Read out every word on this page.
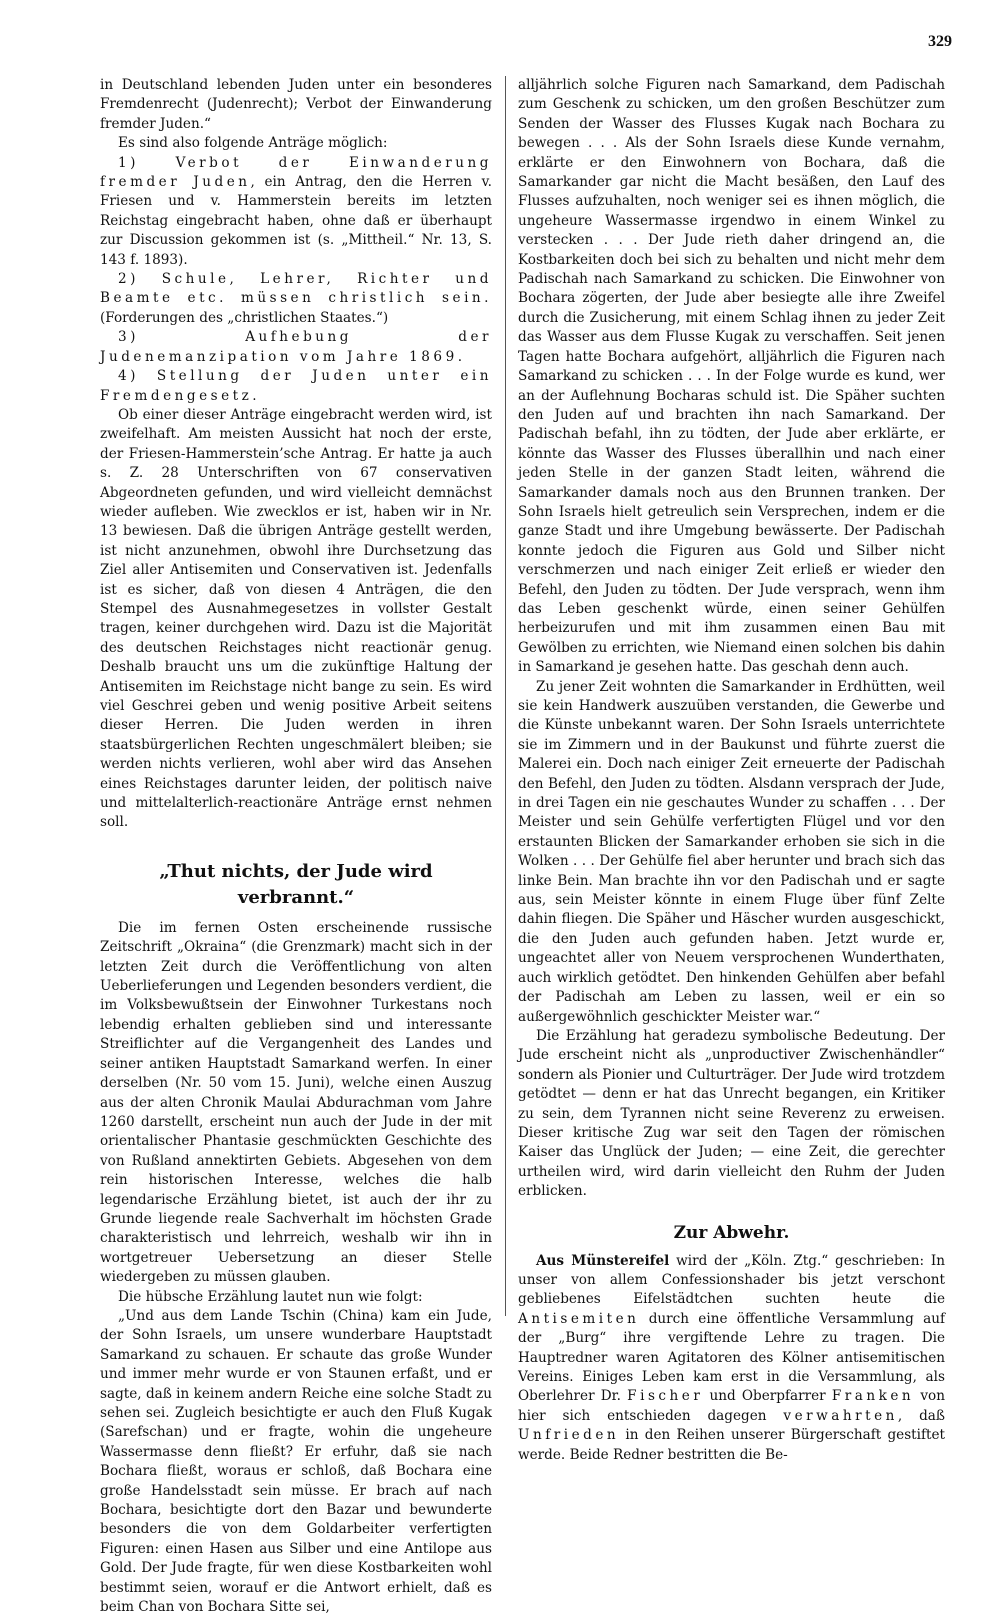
329

in Deutschland lebenden Juden unter ein besonderes Fremdenrecht (Judenrecht); Verbot der Einwanderung fremder Juden.“

Es sind also folgende Anträge möglich:

1) Verbot der Einwanderung fremder Juden, ein Antrag, den die Herren v. Friesen und v. Hammerstein bereits im letzten Reichstag eingebracht haben, ohne daß er überhaupt zur Discussion gekommen ist (s. „Mittheil.“ Nr. 13, S. 143 f. 1893).

2) Schule, Lehrer, Richter und Beamte etc. müssen christlich sein. (Forderungen des „christlichen Staates.“)

3) Aufhebung der Judenemanzipation vom Jahre 1869.

4) Stellung der Juden unter ein Fremdengesetz.

Ob einer dieser Anträge eingebracht werden wird, ist zweifelhaft. Am meisten Aussicht hat noch der erste, der Friesen-Hammerstein’sche Antrag. Er hatte ja auch s. Z. 28 Unterschriften von 67 conservativen Abgeordneten gefunden, und wird vielleicht demnächst wieder aufleben. Wie zwecklos er ist, haben wir in Nr. 13 bewiesen. Daß die übrigen Anträge gestellt werden, ist nicht anzunehmen, obwohl ihre Durchsetzung das Ziel aller Antisemiten und Conservativen ist. Jedenfalls ist es sicher, daß von diesen 4 Anträgen, die den Stempel des Ausnahmegesetzes in vollster Gestalt tragen, keiner durchgehen wird. Dazu ist die Majorität des deutschen Reichstages nicht reactionär genug. Deshalb braucht uns um die zukünftige Haltung der Antisemiten im Reichstage nicht bange zu sein. Es wird viel Geschrei geben und wenig positive Arbeit seitens dieser Herren. Die Juden werden in ihren staatsbürgerlichen Rechten ungeschmälert bleiben; sie werden nichts verlieren, wohl aber wird das Ansehen eines Reichstages darunter leiden, der politisch naive und mittelalterlich-reactionäre Anträge ernst nehmen soll.

„Thut nichts, der Jude wird verbrannt.“

Die im fernen Osten erscheinende russische Zeitschrift „Okraina“ (die Grenzmark) macht sich in der letzten Zeit durch die Veröffentlichung von alten Ueberlieferungen und Legenden besonders verdient, die im Volksbewußtsein der Einwohner Turkestans noch lebendig erhalten geblieben sind und interessante Streiflichter auf die Vergangenheit des Landes und seiner antiken Hauptstadt Samarkand werfen. In einer derselben (Nr. 50 vom 15. Juni), welche einen Auszug aus der alten Chronik Maulai Abdurachman vom Jahre 1260 darstellt, erscheint nun auch der Jude in der mit orientalischer Phantasie geschmückten Geschichte des von Rußland annektirten Gebiets. Abgesehen von dem rein historischen Interesse, welches die halb legendarische Erzählung bietet, ist auch der ihr zu Grunde liegende reale Sachverhalt im höchsten Grade charakteristisch und lehrreich, weshalb wir ihn in wortgetreuer Uebersetzung an dieser Stelle wiedergeben zu müssen glauben.

Die hübsche Erzählung lautet nun wie folgt:

„Und aus dem Lande Tschin (China) kam ein Jude, der Sohn Israels, um unsere wunderbare Hauptstadt Samarkand zu schauen. Er schaute das große Wunder und immer mehr wurde er von Staunen erfaßt, und er sagte, daß in keinem andern Reiche eine solche Stadt zu sehen sei. Zugleich besichtigte er auch den Fluß Kugak (Sarefschan) und er fragte, wohin die ungeheure Wassermasse denn fließt? Er erfuhr, daß sie nach Bochara fließt, woraus er schloß, daß Bochara eine große Handelsstadt sein müsse. Er brach auf nach Bochara, besichtigte dort den Bazar und bewunderte besonders die von dem Goldarbeiter verfertigten Figuren: einen Hasen aus Silber und eine Antilope aus Gold. Der Jude fragte, für wen diese Kostbarkeiten wohl bestimmt seien, worauf er die Antwort erhielt, daß es beim Chan von Bochara Sitte sei,

alljährlich solche Figuren nach Samarkand, dem Padischah zum Geschenk zu schicken, um den großen Beschützer zum Senden der Wasser des Flusses Kugak nach Bochara zu bewegen . . . Als der Sohn Israels diese Kunde vernahm, erklärte er den Einwohnern von Bochara, daß die Samarkander gar nicht die Macht besäßen, den Lauf des Flusses aufzuhalten, noch weniger sei es ihnen möglich, die ungeheure Wassermasse irgendwo in einem Winkel zu verstecken . . . Der Jude rieth daher dringend an, die Kostbarkeiten doch bei sich zu behalten und nicht mehr dem Padischah nach Samarkand zu schicken. Die Einwohner von Bochara zögerten, der Jude aber besiegte alle ihre Zweifel durch die Zusicherung, mit einem Schlag ihnen zu jeder Zeit das Wasser aus dem Flusse Kugak zu verschaffen. Seit jenen Tagen hatte Bochara aufgehört, alljährlich die Figuren nach Samarkand zu schicken . . . In der Folge wurde es kund, wer an der Auflehnung Bocharas schuld ist. Die Späher suchten den Juden auf und brachten ihn nach Samarkand. Der Padischah befahl, ihn zu tödten, der Jude aber erklärte, er könnte das Wasser des Flusses überallhin und nach einer jeden Stelle in der ganzen Stadt leiten, während die Samarkander damals noch aus den Brunnen tranken. Der Sohn Israels hielt getreulich sein Versprechen, indem er die ganze Stadt und ihre Umgebung bewässerte. Der Padischah konnte jedoch die Figuren aus Gold und Silber nicht verschmerzen und nach einiger Zeit erließ er wieder den Befehl, den Juden zu tödten. Der Jude versprach, wenn ihm das Leben geschenkt würde, einen seiner Gehülfen herbeizurufen und mit ihm zusammen einen Bau mit Gewölben zu errichten, wie Niemand einen solchen bis dahin in Samarkand je gesehen hatte. Das geschah denn auch.

Zu jener Zeit wohnten die Samarkander in Erdhütten, weil sie kein Handwerk auszuüben verstanden, die Gewerbe und die Künste unbekannt waren. Der Sohn Israels unterrichtete sie im Zimmern und in der Baukunst und führte zuerst die Malerei ein. Doch nach einiger Zeit erneuerte der Padischah den Befehl, den Juden zu tödten. Alsdann versprach der Jude, in drei Tagen ein nie geschautes Wunder zu schaffen . . . Der Meister und sein Gehülfe verfertigten Flügel und vor den erstaunten Blicken der Samarkander erhoben sie sich in die Wolken . . . Der Gehülfe fiel aber herunter und brach sich das linke Bein. Man brachte ihn vor den Padischah und er sagte aus, sein Meister könnte in einem Fluge über fünf Zelte dahin fliegen. Die Späher und Häscher wurden ausgeschickt, die den Juden auch gefunden haben. Jetzt wurde er, ungeachtet aller von Neuem versprochenen Wunderthaten, auch wirklich getödtet. Den hinkenden Gehülfen aber befahl der Padischah am Leben zu lassen, weil er ein so außergewöhnlich geschickter Meister war.“

Die Erzählung hat geradezu symbolische Bedeutung. Der Jude erscheint nicht als „unproductiver Zwischenhändler“ sondern als Pionier und Culturträger. Der Jude wird trotzdem getödtet — denn er hat das Unrecht begangen, ein Kritiker zu sein, dem Tyrannen nicht seine Reverenz zu erweisen. Dieser kritische Zug war seit den Tagen der römischen Kaiser das Unglück der Juden; — eine Zeit, die gerechter urtheilen wird, wird darin vielleicht den Ruhm der Juden erblicken.

Zur Abwehr.

Aus Münstereifel wird der „Köln. Ztg.“ geschrieben: In unser von allem Confessionshader bis jetzt verschont gebliebenes Eifelstädtchen suchten heute die Antisemiten durch eine öffentliche Versammlung auf der „Burg“ ihre vergiftende Lehre zu tragen. Die Hauptredner waren Agitatoren des Kölner antisemitischen Vereins. Einiges Leben kam erst in die Versammlung, als Oberlehrer Dr. Fischer und Oberpfarrer Franken von hier sich entschieden dagegen verwahrten, daß Unfrieden in den Reihen unserer Bürgerschaft gestiftet werde. Beide Redner bestritten die Be-
